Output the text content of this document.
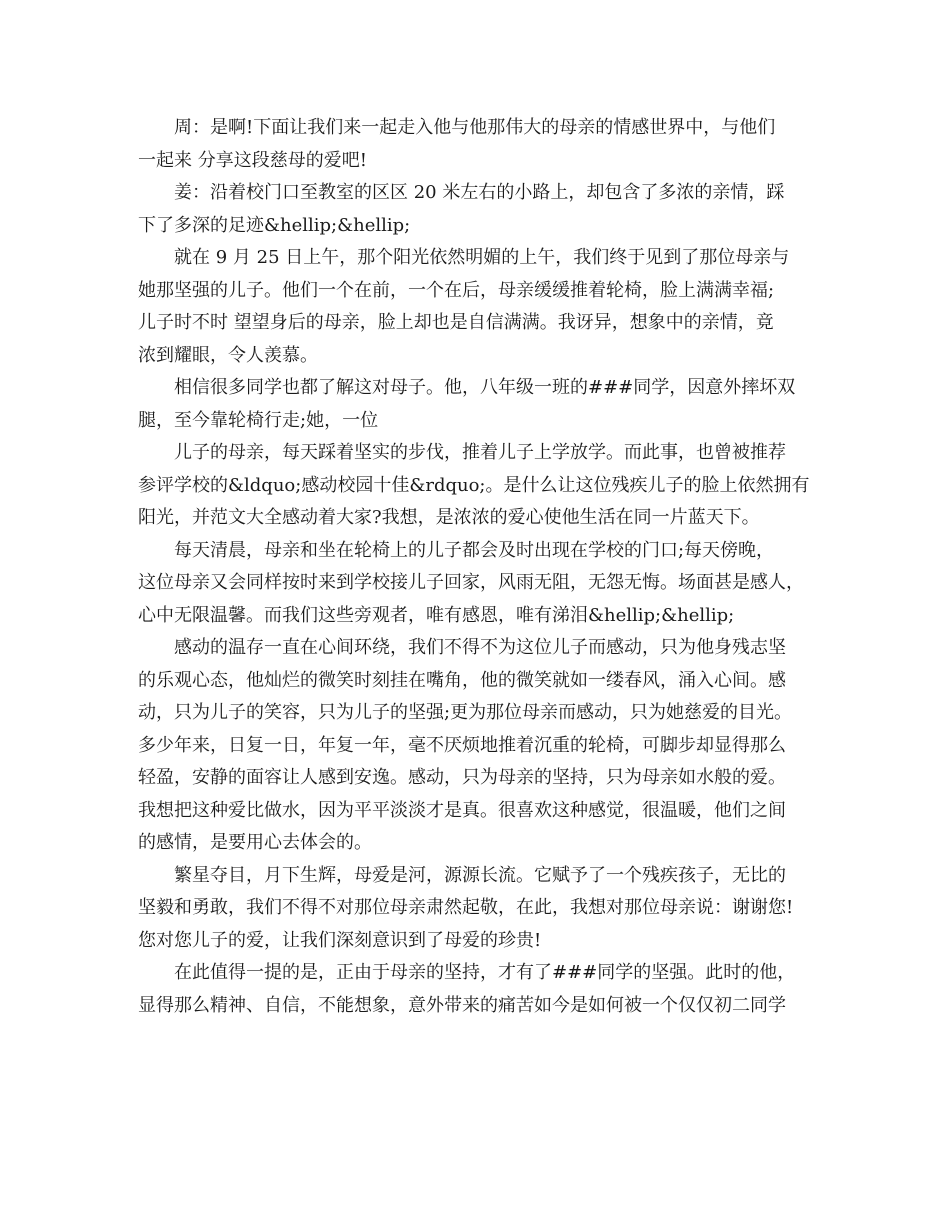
周：是啊!下面让我们来一起走入他与他那伟大的母亲的情感世界中，与他们
一起来 分享这段慈母的爱吧!
姜：沿着校门口至教室的区区 20 米左右的小路上，却包含了多浓的亲情，踩
下了多深的足迹&hellip;&hellip;
就在 9 月 25 日上午，那个阳光依然明媚的上午，我们终于见到了那位母亲与
她那坚强的儿子。他们一个在前，一个在后，母亲缓缓推着轮椅，脸上满满幸福;
儿子时不时 望望身后的母亲，脸上却也是自信满满。我讶异，想象中的亲情，竟
浓到耀眼，令人羡慕。
相信很多同学也都了解这对母子。他，八年级一班的###同学，因意外摔坏双
腿，至今靠轮椅行走;她，一位
儿子的母亲，每天踩着坚实的步伐，推着儿子上学放学。而此事，也曾被推荐
参评学校的&ldquo;感动校园十佳&rdquo;。是什么让这位残疾儿子的脸上依然拥有
阳光，并范文大全感动着大家?我想，是浓浓的爱心使他生活在同一片蓝天下。
每天清晨，母亲和坐在轮椅上的儿子都会及时出现在学校的门口;每天傍晚，
这位母亲又会同样按时来到学校接儿子回家，风雨无阻，无怨无悔。场面甚是感人，
心中无限温馨。而我们这些旁观者，唯有感恩，唯有涕泪&hellip;&hellip;
感动的温存一直在心间环绕，我们不得不为这位儿子而感动，只为他身残志坚
的乐观心态，他灿烂的微笑时刻挂在嘴角，他的微笑就如一缕春风，涌入心间。感
动，只为儿子的笑容，只为儿子的坚强;更为那位母亲而感动，只为她慈爱的目光。
多少年来，日复一日，年复一年，毫不厌烦地推着沉重的轮椅，可脚步却显得那么
轻盈，安静的面容让人感到安逸。感动，只为母亲的坚持，只为母亲如水般的爱。
我想把这种爱比做水，因为平平淡淡才是真。很喜欢这种感觉，很温暖，他们之间
的感情，是要用心去体会的。
繁星夺目，月下生辉，母爱是河，源源长流。它赋予了一个残疾孩子，无比的
坚毅和勇敢，我们不得不对那位母亲肃然起敬，在此，我想对那位母亲说：谢谢您!
您对您儿子的爱，让我们深刻意识到了母爱的珍贵!
在此值得一提的是，正由于母亲的坚持，才有了###同学的坚强。此时的他，
显得那么精神、自信，不能想象，意外带来的痛苦如今是如何被一个仅仅初二同学
